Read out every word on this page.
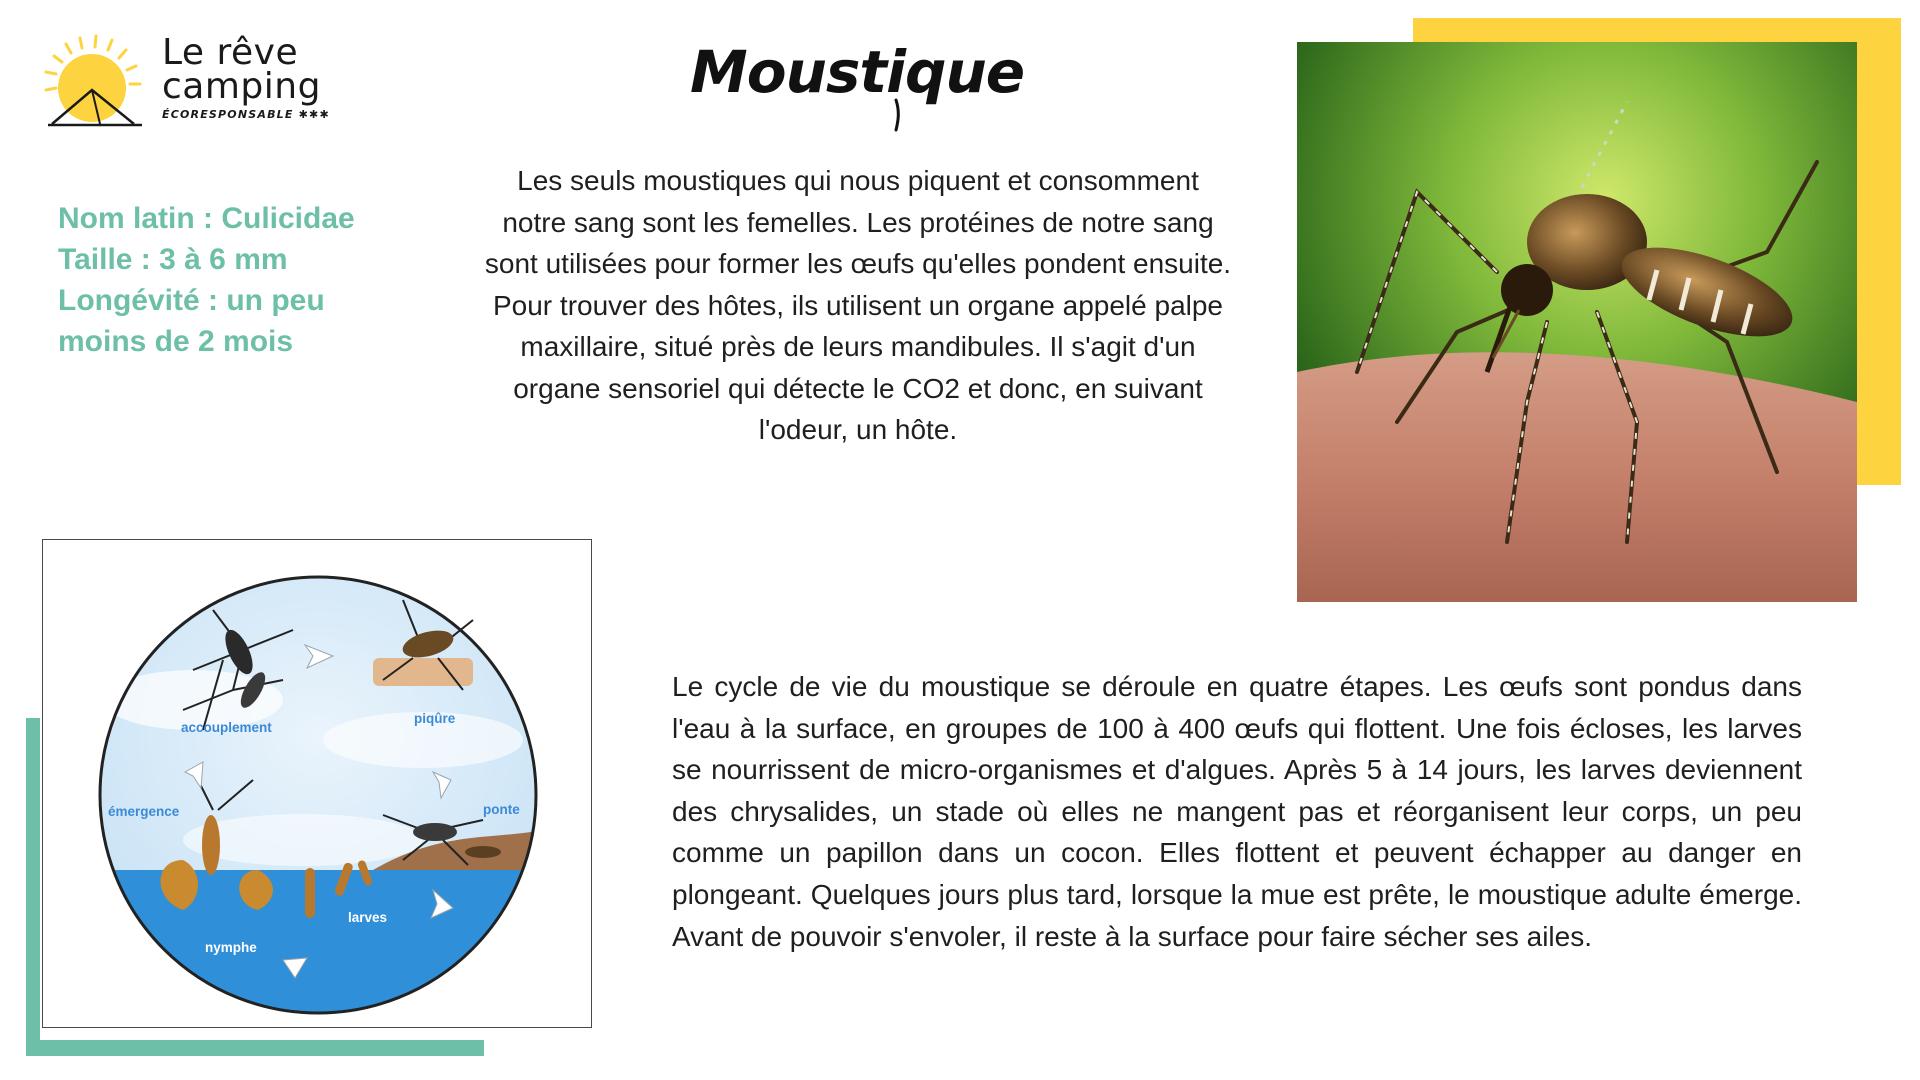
Le rêve
camping
ÉCORESPONSABLE ✱✱✱
Moustique
Nom latin : Culicidae
Taille : 3 à 6 mm
Longévité : un peu moins de 2 mois
Les seuls moustiques qui nous piquent et consomment notre sang sont les femelles. Les protéines de notre sang sont utilisées pour former les œufs qu'elles pondent ensuite. Pour trouver des hôtes, ils utilisent un organe appelé palpe maxillaire, situé près de leurs mandibules. Il s'agit d'un organe sensoriel qui détecte le CO2 et donc, en suivant l'odeur, un hôte.
accouplement
piqûre
émergence	ponte
larves
nymphe
Le cycle de vie du moustique se déroule en quatre étapes. Les œufs sont pondus dans l'eau à la surface, en groupes de 100 à 400 œufs qui flottent. Une fois écloses, les larves se nourrissent de micro-organismes et d'algues. Après 5 à 14 jours, les larves deviennent des chrysalides, un stade où elles ne mangent pas et réorganisent leur corps, un peu comme un papillon dans un cocon. Elles flottent et peuvent échapper au danger en plongeant. Quelques jours plus tard, lorsque la mue est prête, le moustique adulte émerge. Avant de pouvoir s'envoler, il reste à la surface pour faire sécher ses ailes.
